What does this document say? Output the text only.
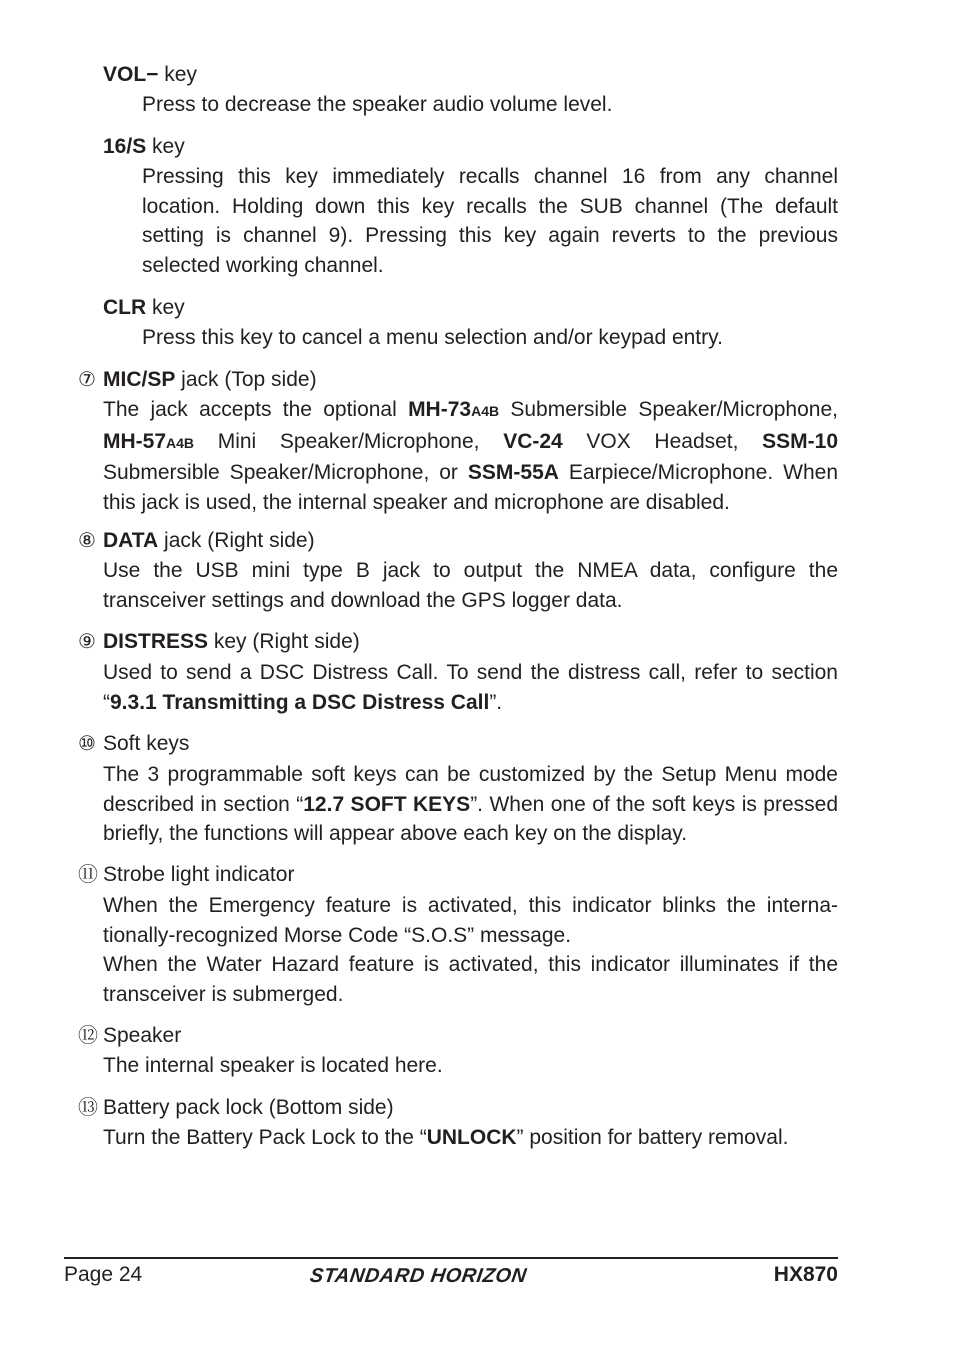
VOL− key
Press to decrease the speaker audio volume level.
16/S key
Pressing this key immediately recalls channel 16 from any channel location. Holding down this key recalls the SUB channel (The default setting is channel 9). Pressing this key again reverts to the previous selected working channel.
CLR key
Press this key to cancel a menu selection and/or keypad entry.
⑦ MIC/SP jack (Top side)
The jack accepts the optional MH-73A4B Submersible Speaker/Microphone, MH-57A4B Mini Speaker/Microphone, VC-24 VOX Headset, SSM-10 Submersible Speaker/Microphone, or SSM-55A Earpiece/Microphone. When this jack is used, the internal speaker and microphone are disabled.
⑧ DATA jack (Right side)
Use the USB mini type B jack to output the NMEA data, configure the transceiver settings and download the GPS logger data.
⑨ DISTRESS key (Right side)
Used to send a DSC Distress Call. To send the distress call, refer to section “9.3.1 Transmitting a DSC Distress Call”.
⑩ Soft keys
The 3 programmable soft keys can be customized by the Setup Menu mode described in section “12.7 SOFT KEYS”. When one of the soft keys is pressed briefly, the functions will appear above each key on the display.
⑪ Strobe light indicator
When the Emergency feature is activated, this indicator blinks the interna-tionally-recognized Morse Code “S.O.S” message.
When the Water Hazard feature is activated, this indicator illuminates if the transceiver is submerged.
⑫ Speaker
The internal speaker is located here.
⑬ Battery pack lock (Bottom side)
Turn the Battery Pack Lock to the “UNLOCK” position for battery removal.
Page 24	STANDARD HORIZON	HX870
